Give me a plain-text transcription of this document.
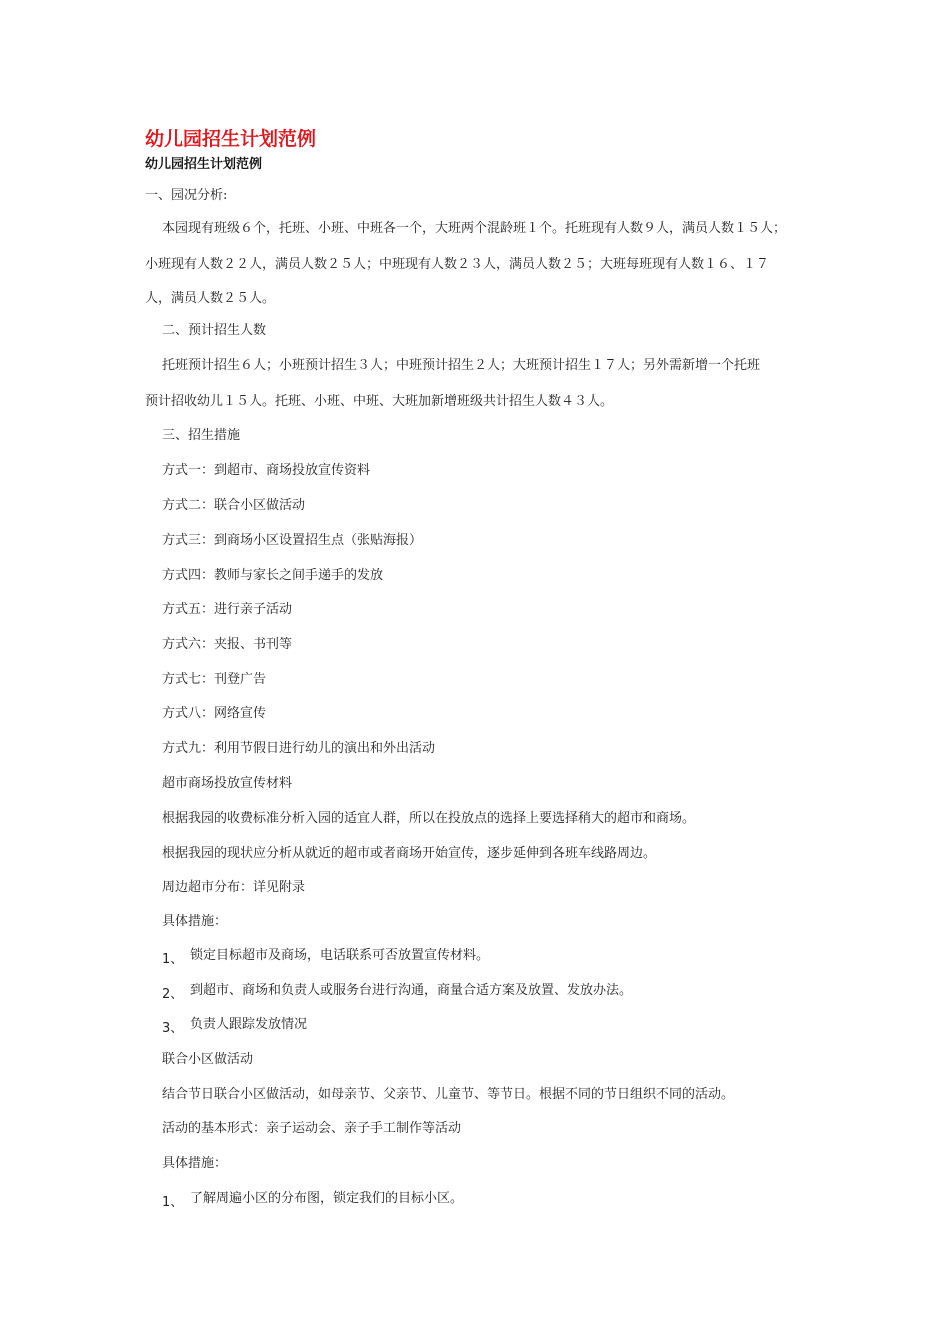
幼儿园招生计划范例
幼儿园招生计划范例
一、园况分析:
本园现有班级６个，托班、小班、中班各一个，大班两个混龄班１个。托班现有人数９人，满员人数１５人；
小班现有人数２２人，满员人数２５人；中班现有人数２３人，满员人数２５；大班每班现有人数１６、１７
人，满员人数２５人。
二、预计招生人数
托班预计招生６人；小班预计招生３人；中班预计招生２人；大班预计招生１７人；另外需新增一个托班
预计招收幼儿１５人。托班、小班、中班、大班加新增班级共计招生人数４３人。
三、招生措施
方式一：到超市、商场投放宣传资料
方式二：联合小区做活动
方式三：到商场小区设置招生点（张贴海报）
方式四：教师与家长之间手递手的发放
方式五：进行亲子活动
方式六：夹报、书刊等
方式七：刊登广告
方式八：网络宣传
方式九：利用节假日进行幼儿的演出和外出活动
超市商场投放宣传材料
根据我园的收费标准分析入园的适宜人群，所以在投放点的选择上要选择稍大的超市和商场。
根据我园的现状应分析从就近的超市或者商场开始宣传，逐步延伸到各班车线路周边。
周边超市分布：详见附录
具体措施：
1、 锁定目标超市及商场，电话联系可否放置宣传材料。
2、 到超市、商场和负责人或服务台进行沟通，商量合适方案及放置、发放办法。
3、 负责人跟踪发放情况
联合小区做活动
结合节日联合小区做活动，如母亲节、父亲节、儿童节、等节日。根据不同的节日组织不同的活动。
活动的基本形式：亲子运动会、亲子手工制作等活动
具体措施：
1、 了解周遍小区的分布图，锁定我们的目标小区。
